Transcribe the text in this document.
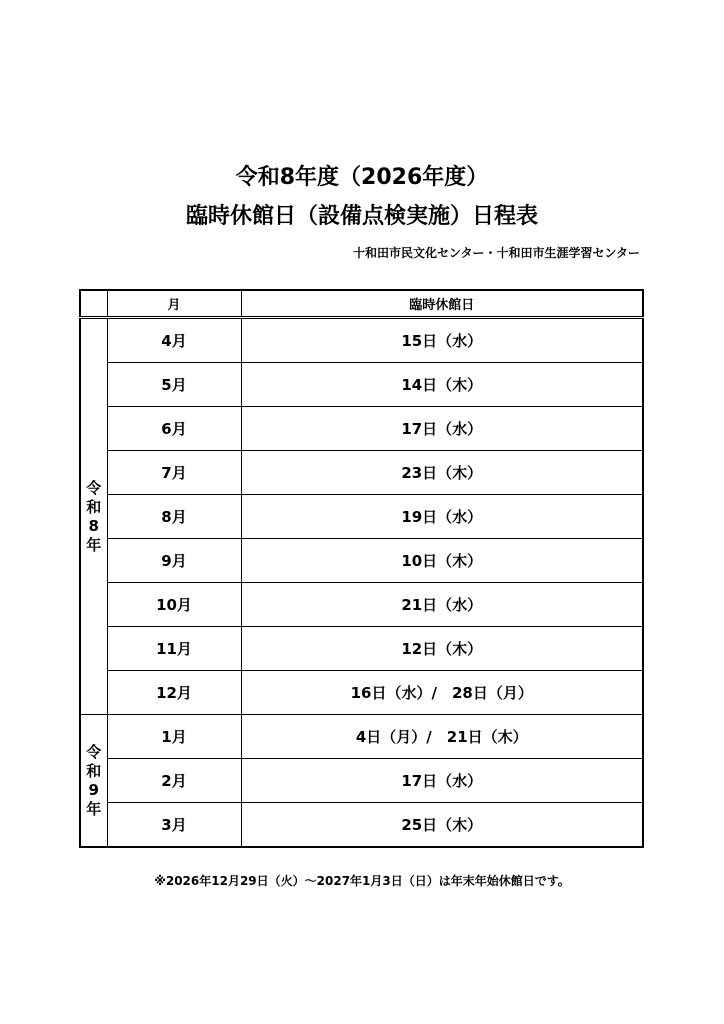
令和8年度（2026年度）
臨時休館日（設備点検実施）日程表
十和田市民文化センター・十和田市生涯学習センター
	月	臨時休館日

令
和
8
年	4月	15日（水）
	5月	14日（木）
	6月	17日（水）
	7月	23日（木）
	8月	19日（水）
	9月	10日（木）
	10月	21日（水）
	11月	12日（木）
	12月	16日（水）/　28日（月）

令
和
9
年	1月	4日（月）/　21日（木）
	2月	17日（水）
	3月	25日（木）
※2026年12月29日（火）～2027年1月3日（日）は年末年始休館日です。
